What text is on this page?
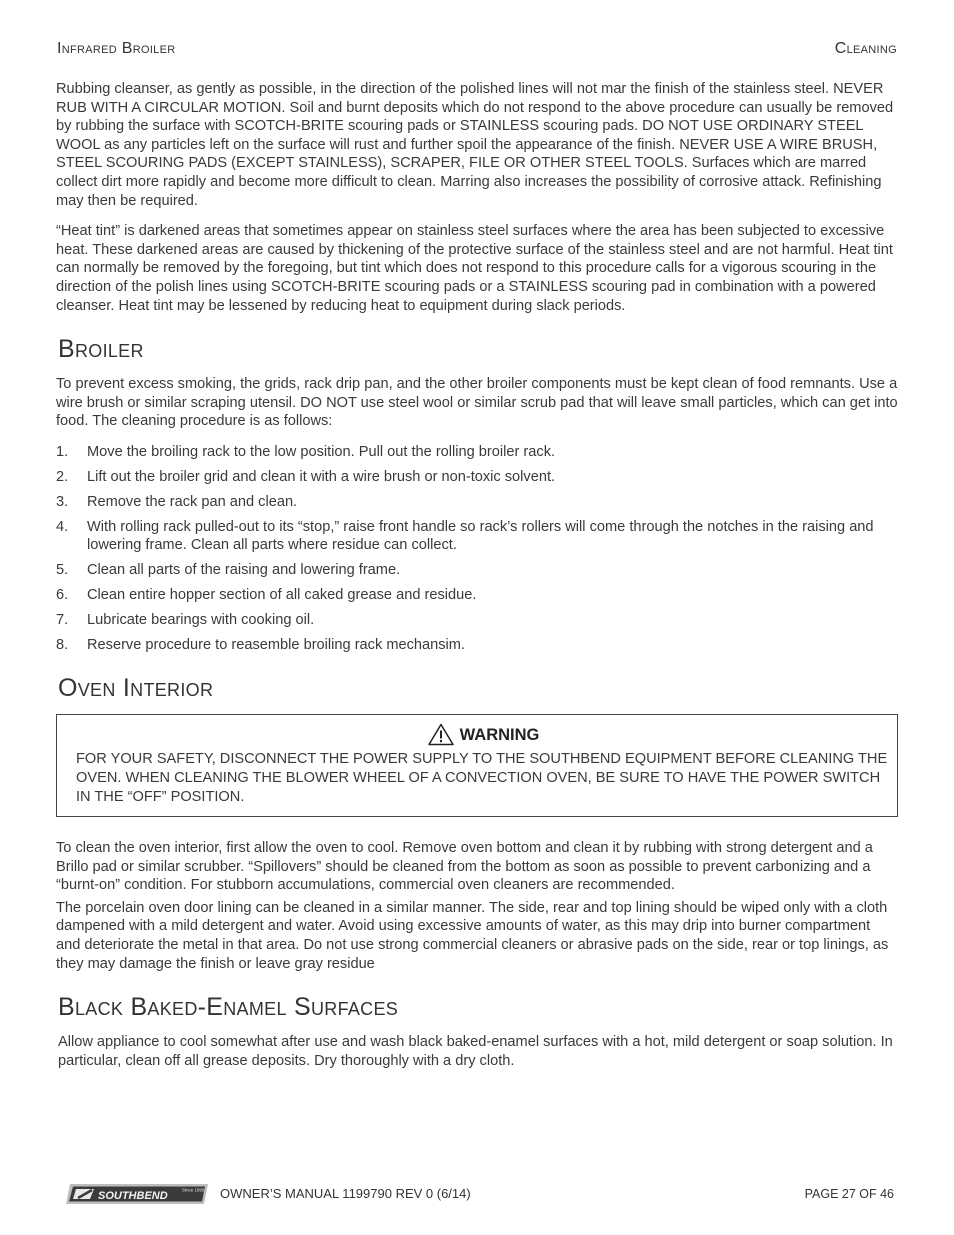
Infrared Broiler	Cleaning

Rubbing cleanser, as gently as possible, in the direction of the polished lines will not mar the finish of the stainless steel. NEVER RUB WITH A CIRCULAR MOTION. Soil and burnt deposits which do not respond to the above procedure can usually be removed by rubbing the surface with SCOTCH-BRITE scouring pads or STAINLESS scouring pads. DO NOT USE ORDINARY STEEL WOOL as any particles left on the surface will rust and further spoil the appearance of the finish. NEVER USE A WIRE BRUSH, STEEL SCOURING PADS (EXCEPT STAINLESS), SCRAPER, FILE OR OTHER STEEL TOOLS. Surfaces which are marred collect dirt more rapidly and become more difficult to clean. Marring also increases the possibility of corrosive attack. Refinishing may then be required.

“Heat tint” is darkened areas that sometimes appear on stainless steel surfaces where the area has been subjected to excessive heat. These darkened areas are caused by thickening of the protective surface of the stainless steel and are not harmful. Heat tint can normally be removed by the foregoing, but tint which does not respond to this procedure calls for a vigorous scouring in the direction of the polish lines using SCOTCH-BRITE scouring pads or a STAINLESS scouring pad in combination with a powered cleanser. Heat tint may be lessened by reducing heat to equipment during slack periods.

Broiler

To prevent excess smoking, the grids, rack drip pan, and the other broiler components must be kept clean of food remnants. Use a wire brush or similar scraping utensil. DO NOT use steel wool or similar scrub pad that will leave small particles, which can get into food. The cleaning procedure is as follows:

1. Move the broiling rack to the low position. Pull out the rolling broiler rack.
2. Lift out the broiler grid and clean it with a wire brush or non-toxic solvent.
3. Remove the rack pan and clean.
4. With rolling rack pulled-out to its “stop,” raise front handle so rack’s rollers will come through the notches in the raising and lowering frame. Clean all parts where residue can collect.
5. Clean all parts of the raising and lowering frame.
6. Clean entire hopper section of all caked grease and residue.
7. Lubricate bearings with cooking oil.
8. Reserve procedure to reasemble broiling rack mechansim.
Oven Interior
WARNING
FOR YOUR SAFETY, DISCONNECT THE POWER SUPPLY TO THE SOUTHBEND EQUIPMENT BEFORE CLEANING THE OVEN. WHEN CLEANING THE BLOWER WHEEL OF A CONVECTION OVEN, BE SURE TO HAVE THE POWER SWITCH IN THE “OFF” POSITION.

To clean the oven interior, first allow the oven to cool. Remove oven bottom and clean it by rubbing with strong detergent and a Brillo pad or similar scrubber. “Spillovers” should be cleaned from the bottom as soon as possible to prevent carbonizing and a “burnt-on” condition. For stubborn accumulations, commercial oven cleaners are recommended.

The porcelain oven door lining can be cleaned in a similar manner. The side, rear and top lining should be wiped only with a cloth dampened with a mild detergent and water. Avoid using excessive amounts of water, as this may drip into burner compartment and deteriorate the metal in that area. Do not use strong commercial cleaners or abrasive pads on the side, rear or top linings, as they may damage the finish or leave gray residue

Black Baked-Enamel Surfaces

Allow appliance to cool somewhat after use and wash black baked-enamel surfaces with a hot, mild detergent or soap solution. In particular, clean off all grease deposits. Dry thoroughly with a dry cloth.

SOUTHBEND	Since 1898 OWNER’S MANUAL 1199790 REV 0 (6/14)	PAGE 27 OF 46
